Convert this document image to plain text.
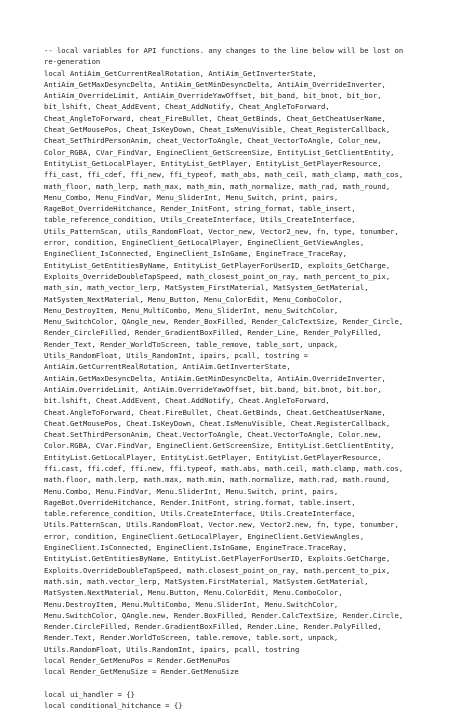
-- local variables for API functions. any changes to the line below will be lost on
re-generation
local AntiAim_GetCurrentRealRotation, AntiAim_GetInverterState,
AntiAim_GetMaxDesyncDelta, AntiAim_GetMinDesyncDelta, AntiAim_OverrideInverter,
AntiAim_OverrideLimit, AntiAim_OverrideYawOffset, bit_band, bit_bnot, bit_bor,
bit_lshift, Cheat_AddEvent, Cheat_AddNotify, Cheat_AngleToForward,
Cheat_AngleToForward, cheat_FireBullet, Cheat_GetBinds, Cheat_GetCheatUserName,
Cheat_GetMousePos, Cheat_IsKeyDown, Cheat_IsMenuVisible, Cheat_RegisterCallback,
Cheat_SetThirdPersonAnim, cheat_VectorToAngle, Cheat_VectorToAngle, Color_new,
Color_RGBA, CVar_FindVar, EngineClient_GetScreenSize, EntityList_GetClientEntity,
EntityList_GetLocalPlayer, EntityList_GetPlayer, EntityList_GetPlayerResource,
ffi_cast, ffi_cdef, ffi_new, ffi_typeof, math_abs, math_ceil, math_clamp, math_cos,
math_floor, math_lerp, math_max, math_min, math_normalize, math_rad, math_round,
Menu_Combo, Menu_FindVar, Menu_SliderInt, Menu_Switch, print, pairs,
RageBot_OverrideHitchance, Render_InitFont, string_format, table_insert,
table_reference_condition, Utils_CreateInterface, Utils_CreateInterface,
Utils_PatternScan, utils_RandomFloat, Vector_new, Vector2_new, fn, type, tonumber,
error, condition, EngineClient_GetLocalPlayer, EngineClient_GetViewAngles,
EngineClient_IsConnected, EngineClient_IsInGame, EngineTrace_TraceRay,
EntityList_GetEntitiesByName, EntityList_GetPlayerForUserID, exploits_GetCharge,
Exploits_OverrideDoubleTapSpeed, math_closest_point_on_ray, math_percent_to_pix,
math_sin, math_vector_lerp, MatSystem_FirstMaterial, MatSystem_GetMaterial,
MatSystem_NextMaterial, Menu_Button, Menu_ColorEdit, Menu_ComboColor,
Menu_DestroyItem, Menu_MultiCombo, Menu_SliderInt, menu_SwitchColor,
Menu_SwitchColor, QAngle_new, Render_BoxFilled, Render_CalcTextSize, Render_Circle,
Render_CircleFilled, Render_GradientBoxFilled, Render_Line, Render_PolyFilled,
Render_Text, Render_WorldToScreen, table_remove, table_sort, unpack,
Utils_RandomFloat, Utils_RandomInt, ipairs, pcall, tostring =
AntiAim.GetCurrentRealRotation, AntiAim.GetInverterState,
AntiAim.GetMaxDesyncDelta, AntiAim.GetMinDesyncDelta, AntiAim.OverrideInverter,
AntiAim.OverrideLimit, AntiAim.OverrideYawOffset, bit.band, bit.bnot, bit.bor,
bit.lshift, Cheat.AddEvent, Cheat.AddNotify, Cheat.AngleToForward,
Cheat.AngleToForward, Cheat.FireBullet, Cheat.GetBinds, Cheat.GetCheatUserName,
Cheat.GetMousePos, Cheat.IsKeyDown, Cheat.IsMenuVisible, Cheat.RegisterCallback,
Cheat.SetThirdPersonAnim, Cheat.VectorToAngle, Cheat.VectorToAngle, Color.new,
Color.RGBA, CVar.FindVar, EngineClient.GetScreenSize, EntityList.GetClientEntity,
EntityList.GetLocalPlayer, EntityList.GetPlayer, EntityList.GetPlayerResource,
ffi.cast, ffi.cdef, ffi.new, ffi.typeof, math.abs, math.ceil, math.clamp, math.cos,
math.floor, math.lerp, math.max, math.min, math.normalize, math.rad, math.round,
Menu.Combo, Menu.FindVar, Menu.SliderInt, Menu.Switch, print, pairs,
RageBot.OverrideHitchance, Render.InitFont, string.format, table.insert,
table.reference_condition, Utils.CreateInterface, Utils.CreateInterface,
Utils.PatternScan, Utils.RandomFloat, Vector.new, Vector2.new, fn, type, tonumber,
error, condition, EngineClient.GetLocalPlayer, EngineClient.GetViewAngles,
EngineClient.IsConnected, EngineClient.IsInGame, EngineTrace.TraceRay,
EntityList.GetEntitiesByName, EntityList.GetPlayerForUserID, Exploits.GetCharge,
Exploits.OverrideDoubleTapSpeed, math.closest_point_on_ray, math.percent_to_pix,
math.sin, math.vector_lerp, MatSystem.FirstMaterial, MatSystem.GetMaterial,
MatSystem.NextMaterial, Menu.Button, Menu.ColorEdit, Menu.ComboColor,
Menu.DestroyItem, Menu.MultiCombo, Menu.SliderInt, Menu.SwitchColor,
Menu.SwitchColor, QAngle.new, Render.BoxFilled, Render.CalcTextSize, Render.Circle,
Render.CircleFilled, Render.GradientBoxFilled, Render.Line, Render.PolyFilled,
Render.Text, Render.WorldToScreen, table.remove, table.sort, unpack,
Utils.RandomFloat, Utils.RandomInt, ipairs, pcall, tostring
local Render_GetMenuPos = Render.GetMenuPos
local Render_GetMenuSize = Render.GetMenuSize
local ui_handler = {}
local conditional_hitchance = {}
